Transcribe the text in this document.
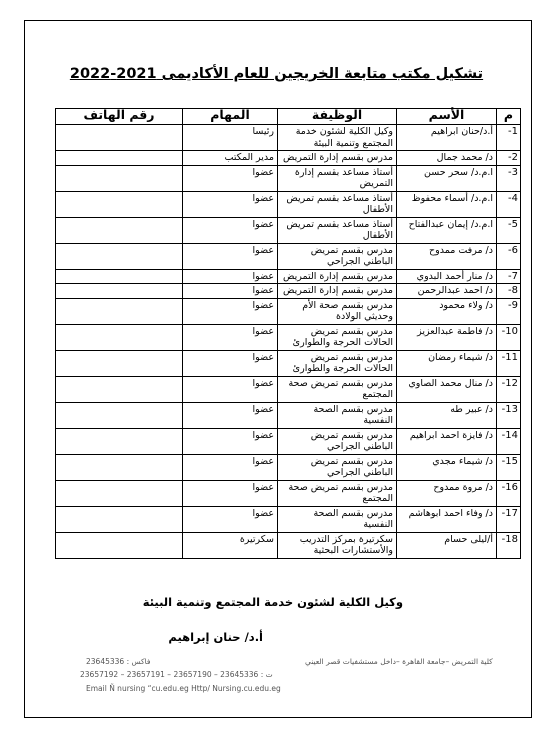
تشكيل مكتب متابعة الخريجين للعام الأكاديمى 2021-2022
م	الأسم	الوظيفة	المهام	رقم الهاتف
1-	أ.د/حنان ابراهيم	وكيل الكلية لشئون خدمة المجتمع وتنمية البيئة	رئيسا	
2-	د/ محمد جمال	مدرس بقسم إدارة التمريض	مدير المكتب	
3-	ا.م.د/ سحر حسن	أستاذ مساعد بقسم إدارة التمريض	عضوا	
4-	ا.م.د/ أسماء محفوظ	أستاذ مساعد بقسم تمريض الأطفال	عضوا	
5-	ا.م.د/ إيمان عبدالفتاح	أستاذ مساعد بقسم تمريض الأطفال	عضوا	
6-	د/ مرفت ممدوح	مدرس بقسم تمريض الباطني الجراحي	عضوا	
7-	د/ منار أحمد البدوي	مدرس بقسم إدارة التمريض	عضوا	
8-	د/ احمد عبدالرحمن	مدرس بقسم إدارة التمريض	عضوا	
9-	د/ ولاء محمود	مدرس بقسم صحة الأم وحديثي الولادة	عضوا	
10-	د/ فاطمة عبدالعزيز	مدرس بقسم تمريض الحالات الحرجة والطوارئ	عضوا	
11-	د/ شيماء رمضان	مدرس بقسم تمريض الحالات الحرجة والطوارئ	عضوا	
12-	د/ منال محمد الصاوي	مدرس بقسم تمريض صحة المجتمع	عضوا	
13-	د/ عبير طه	مدرس بقسم الصحة النفسية	عضوا	
14-	د/ فايزة احمد ابراهيم	مدرس بقسم تمريض الباطني الجراحي	عضوا	
15-	د/ شيماء مجدي	مدرس بقسم تمريض الباطني الجراحي	عضوا	
16-	د/ مروة ممدوح	مدرس بقسم تمريض صحة المجتمع	عضوا	
17-	د/ وفاء احمد ابوهاشم	مدرس بقسم الصحة النفسية	عضوا	
18-	أ/ليلى حسام	سكرتيرة بمركز التدريب والأستشارات البحثية	سكرتيرة	
وكيل الكلية لشئون خدمة المجتمع وتنمية البيئة
أ.د/ حنان إبراهيم
كلية التمريض –جامعة القاهرة –داخل مستشفيات قصر العيني
فاكس : 23645336
ت : 23645336 – 23657190 – 23657191 – 23657192
Email Ñ nursing “cu.edu.eg Http/ Nursing.cu.edu.eg
